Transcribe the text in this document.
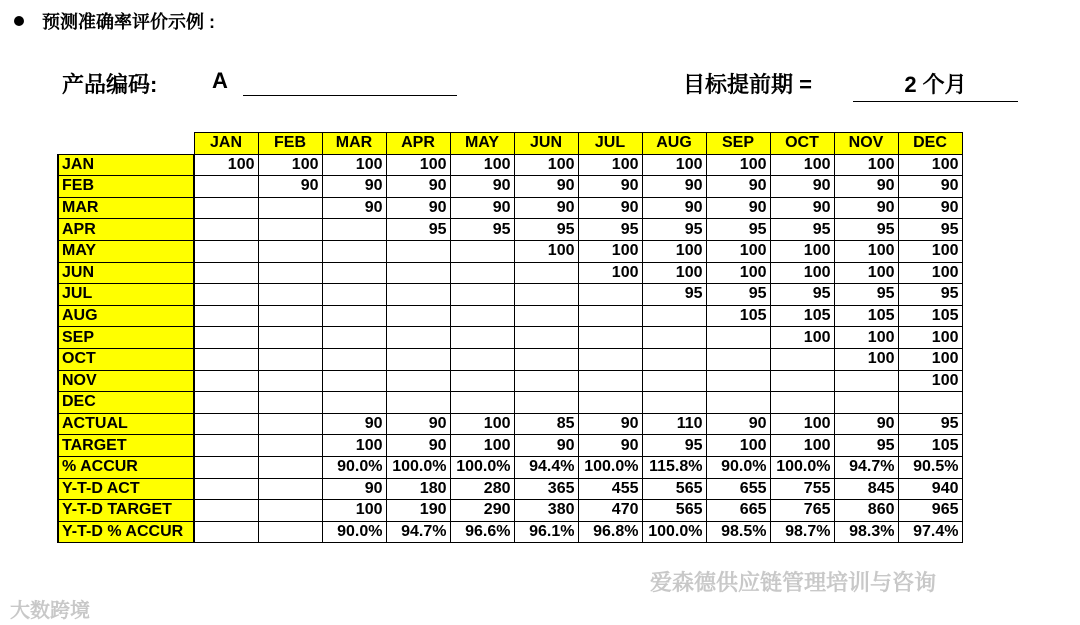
预测准确率评价示例 :
产品编码: A	目标提前期 =	2 个月
	JAN	FEB	MAR	APR	MAY	JUN	JUL	AUG	SEP	OCT	NOV	DEC
JAN	100	100	100	100	100	100	100	100	100	100	100	100
FEB		90	90	90	90	90	90	90	90	90	90	90
MAR			90	90	90	90	90	90	90	90	90	90
APR				95	95	95	95	95	95	95	95	95
MAY						100	100	100	100	100	100	100
JUN							100	100	100	100	100	100
JUL								95	95	95	95	95
AUG									105	105	105	105
SEP										100	100	100
OCT											100	100
NOV												100
DEC												
ACTUAL			90	90	100	85	90	110	90	100	90	95
TARGET			100	90	100	90	90	95	100	100	95	105
% ACCUR			90.0%	100.0%	100.0%	94.4%	100.0%	115.8%	90.0%	100.0%	94.7%	90.5%
Y-T-D ACT			90	180	280	365	455	565	655	755	845	940
Y-T-D TARGET			100	190	290	380	470	565	665	765	860	965
Y-T-D % ACCUR			90.0%	94.7%	96.6%	96.1%	96.8%	100.0%	98.5%	98.7%	98.3%	97.4%
爱森德供应链管理培训与咨询
大数跨境
